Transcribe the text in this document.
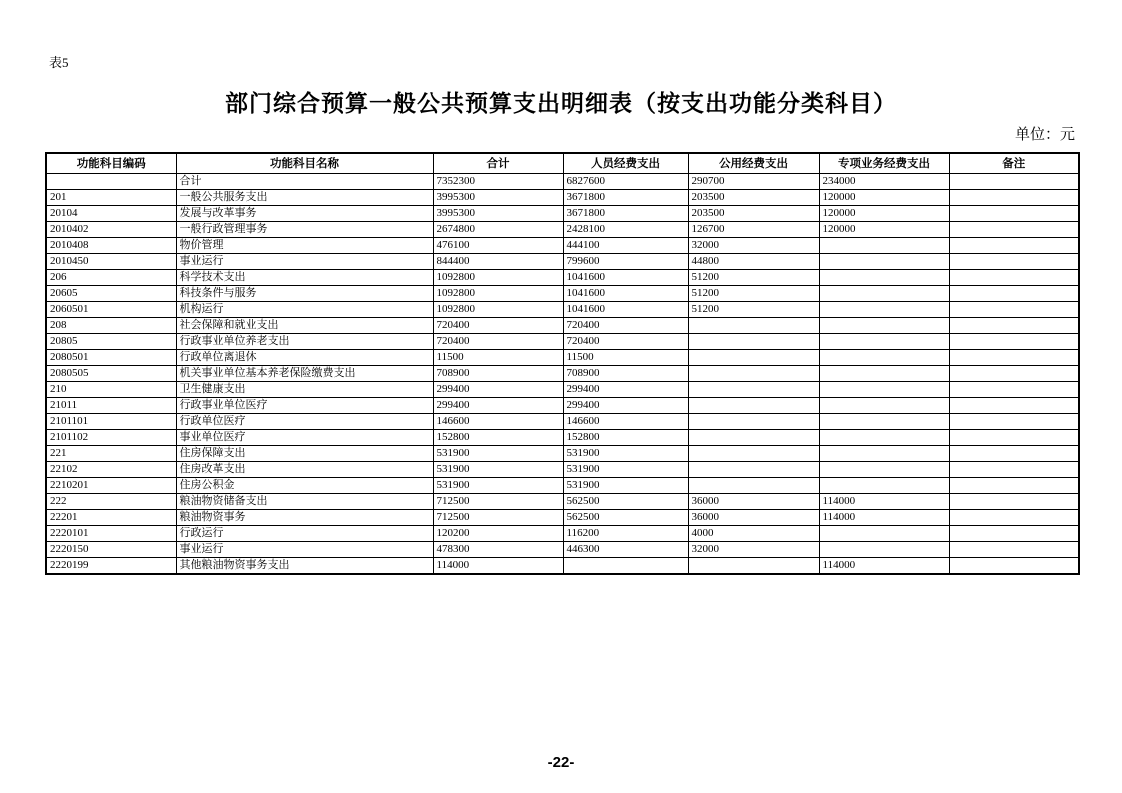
表5
部门综合预算一般公共预算支出明细表（按支出功能分类科目）
单位：元
功能科目编码	功能科目名称	合计	人员经费支出	公用经费支出	专项业务经费支出	备注
	合计	7352300	6827600	290700	234000	
201	一般公共服务支出	3995300	3671800	203500	120000	
20104	发展与改革事务	3995300	3671800	203500	120000	
2010402	一般行政管理事务	2674800	2428100	126700	120000	
2010408	物价管理	476100	444100	32000		
2010450	事业运行	844400	799600	44800		
206	科学技术支出	1092800	1041600	51200		
20605	科技条件与服务	1092800	1041600	51200		
2060501	机构运行	1092800	1041600	51200		
208	社会保障和就业支出	720400	720400			
20805	行政事业单位养老支出	720400	720400			
2080501	行政单位离退休	11500	11500			
2080505	机关事业单位基本养老保险缴费支出	708900	708900			
210	卫生健康支出	299400	299400			
21011	行政事业单位医疗	299400	299400			
2101101	行政单位医疗	146600	146600			
2101102	事业单位医疗	152800	152800			
221	住房保障支出	531900	531900			
22102	住房改革支出	531900	531900			
2210201	住房公积金	531900	531900			
222	粮油物资储备支出	712500	562500	36000	114000	
22201	粮油物资事务	712500	562500	36000	114000	
2220101	行政运行	120200	116200	4000		
2220150	事业运行	478300	446300	32000		
2220199	其他粮油物资事务支出	114000			114000	
-22-
